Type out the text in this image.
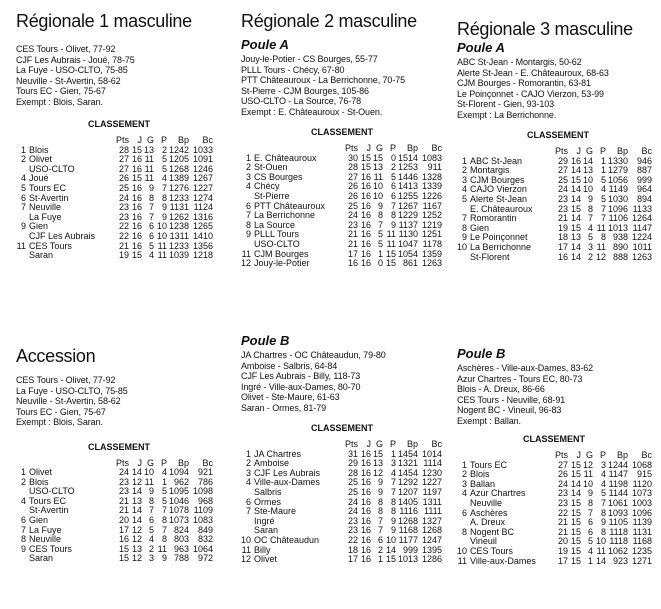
Régionale 1 masculine
CES Tours - Olivet, 77-92
CJF Les Aubrais - Joué, 78-75
La Fuye - USO-CLTO, 75-85
Neuville - St-Avertin, 58-62
Tours EC - Gien, 75-67
Exempt : Blois, Saran.
CLASSEMENT
		Pts	J	G	P	Bp	Bc
1	Blois	28	15	13	2	1242	1033
2	Olivet	27	16	11	5	1205	1091
	USO-CLTO	27	16	11	5	1268	1246
4	Joué	26	15	11	4	1389	1267
5	Tours EC	25	16	9	7	1276	1227
6	St-Avertin	24	16	8	8	1233	1274
7	Neuville	23	16	7	9	1131	1124
	La Fuye	23	16	7	9	1262	1316
9	Gien	22	16	6	10	1238	1265
	CJF Les Aubrais	22	16	6	10	1311	1410
11	CES Tours	21	16	5	11	1233	1356
	Saran	19	15	4	11	1039	1218
Accession
CES Tours - Olivet, 77-92
La Fuye - USO-CLTO, 75-85
Neuville - St-Avertin, 58-62
Tours EC - Gien, 75-67
Exempt : Blois, Saran.
CLASSEMENT
		Pts	J	G	P	Bp	Bc
1	Olivet	24	14	10	4	1094	921
2	Blois	23	12	11	1	962	786
	USO-CLTO	23	14	9	5	1095	1098
4	Tours EC	21	13	8	5	1046	968
	St-Avertin	21	14	7	7	1078	1109
6	Gien	20	14	6	8	1073	1083
7	La Fuye	17	12	5	7	824	849
8	Neuville	16	12	4	8	803	832
9	CES Tours	15	13	2	11	963	1064
	Saran	15	12	3	9	788	972
Régionale 2 masculine
Poule A
Jouy-le-Potier - CS Bourges, 55-77
PLLL Tours - Chécy, 67-80
PTT Châteauroux - La Berrichonne, 70-75
St-Pierre - CJM Bourges, 105-86
USO-CLTO - La Source, 76-78
Exempt : E. Châteauroux - St-Ouen.
CLASSEMENT
		Pts	J	G	P	Bp	Bc
1	E. Châteauroux	30	15	15	0	1514	1083
2	St-Ouen	28	15	13	2	1253	911
3	CS Bourges	27	16	11	5	1446	1328
4	Chécy	26	16	10	6	1413	1339
	St-Pierre	26	16	10	6	1255	1226
6	PTT Châteauroux	25	16	9	7	1267	1167
7	La Berrichonne	24	16	8	8	1229	1252
8	La Source	23	16	7	9	1137	1219
9	PLLL Tours	21	16	5	11	1130	1251
	USO-CLTO	21	16	5	11	1047	1178
11	CJM Bourges	17	16	1	15	1054	1359
12	Jouy-le-Potier	16	16	0	15	861	1263
Poule B
JA Chartres - OC Châteaudun, 79-80
Amboise - Salbris, 64-84
CJF Les Aubrais - Billy, 118-73
Ingré - Ville-aux-Dames, 80-70
Olivet - Ste-Maure, 61-63
Saran - Ormes, 81-79
CLASSEMENT
		Pts	J	G	P	Bp	Bc
1	JA Chartres	31	16	15	1	1454	1014
2	Amboise	29	16	13	3	1321	1114
3	CJF Les Aubrais	28	16	12	4	1454	1230
4	Ville-aux-Dames	25	16	9	7	1292	1227
	Salbris	25	16	9	7	1207	1197
6	Ormes	24	16	8	8	1405	1311
7	Ste-Maure	24	16	8	8	1116	1111
	Ingré	23	16	7	9	1268	1327
	Saran	23	16	7	9	1168	1268
10	OC Châteaudun	22	16	6	10	1177	1247
11	Billy	18	16	2	14	999	1395
12	Olivet	17	16	1	15	1013	1286
Régionale 3 masculine
Poule A
ABC St-Jean - Montargis, 50-62
Alerte St-Jean - E. Châteauroux, 68-63
CJM Bourges - Romorantin, 63-81
Le Poinçonnet - CAJO Vierzon, 53-99
St-Florent - Gien, 93-103
Exempt : La Berrichonne.
CLASSEMENT
		Pts	J	G	P	Bp	Bc
1	ABC St-Jean	29	16	14	1	1330	946
2	Montargis	27	14	13	1	1279	887
3	CJM Bourges	25	15	10	5	1056	999
4	CAJO Vierzon	24	14	10	4	1149	964
5	Alerte St-Jean	23	14	9	5	1030	894
	E. Châteauroux	23	15	8	7	1096	1133
7	Romorantin	21	14	7	7	1106	1264
8	Gien	19	15	4	11	1013	1147
9	Le Poinçonnet	18	13	5	8	938	1224
10	La Berrichonne	17	14	3	11	890	1011
	St-Florent	16	14	2	12	888	1263
Poule B
Aschères - Ville-aux-Dames, 83-62
Azur Chartres - Tours EC, 80-73
Blois - A. Dreux, 86-66
CES Tours - Neuville, 68-91
Nogent BC - Vineuil, 96-83
Exempt : Ballan.
CLASSEMENT
		Pts	J	G	P	Bp	Bc
1	Tours EC	27	15	12	3	1244	1068
2	Blois	26	15	11	4	1147	915
3	Ballan	24	14	10	4	1198	1120
4	Azur Chartres	23	14	9	5	1144	1073
	Neuville	23	15	8	7	1061	1003
6	Aschères	22	15	7	8	1093	1096
	A. Dreux	21	15	6	9	1105	1139
8	Nogent BC	21	15	6	8	1118	1131
	Vineuil	20	15	5	10	1118	1168
10	CES Tours	19	15	4	11	1062	1235
11	Ville-aux-Dames	17	15	1	14	923	1271
